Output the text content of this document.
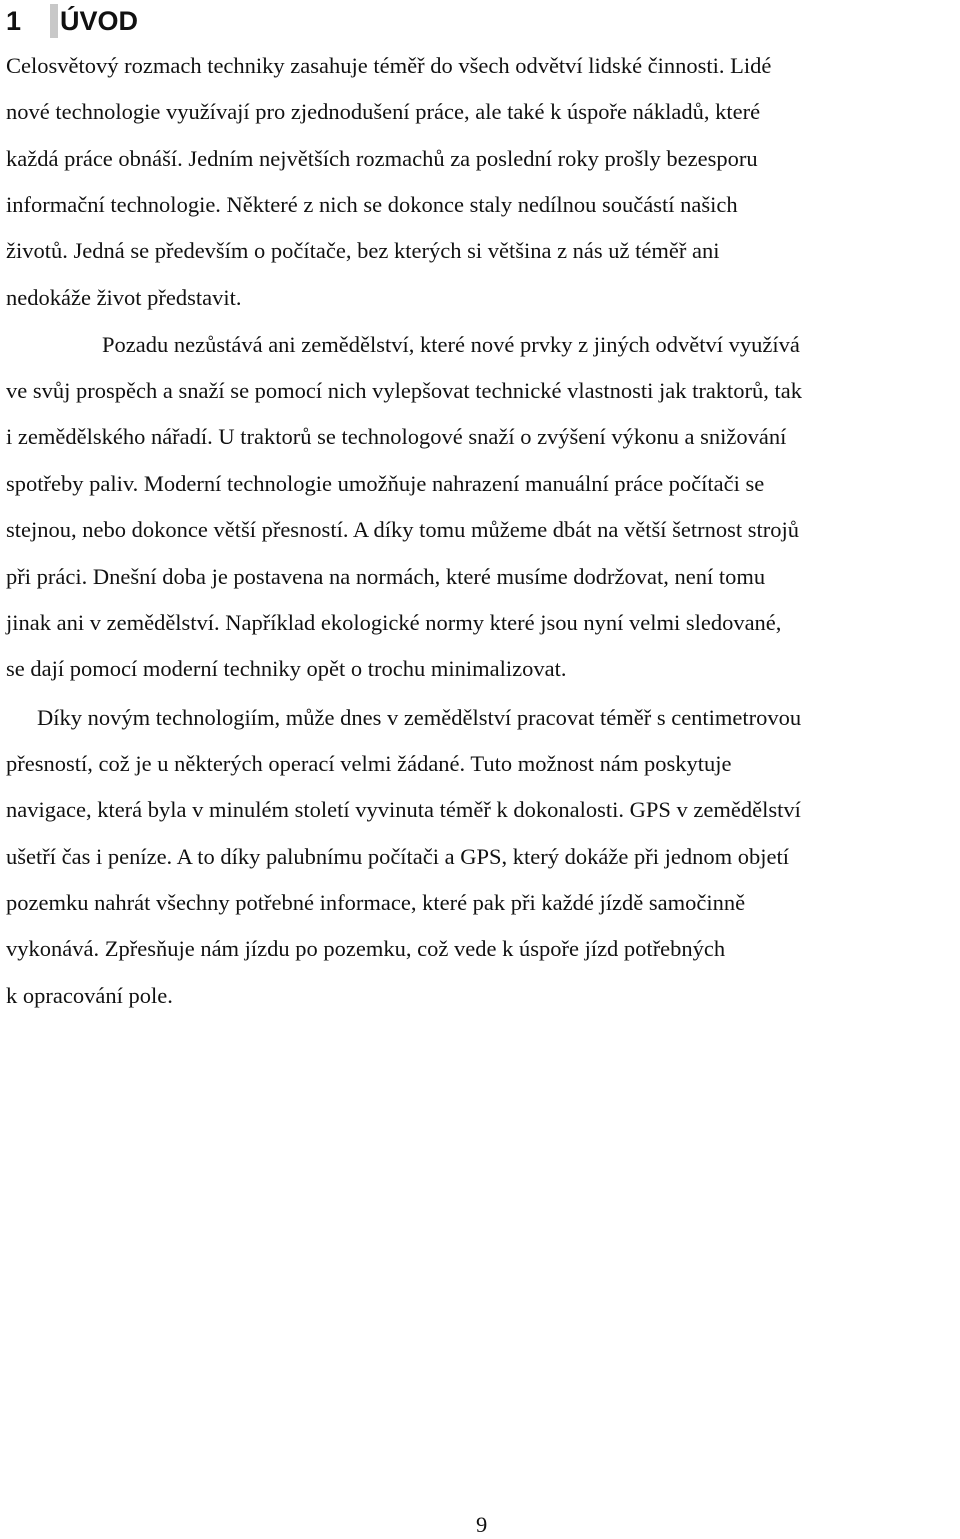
1	ÚVOD
Celosvětový rozmach techniky zasahuje téměř do všech odvětví lidské činnosti. Lidé
nové technologie využívají pro zjednodušení práce, ale také k úspoře nákladů, které
každá práce obnáší. Jedním největších rozmachů za poslední roky prošly bezesporu
informační technologie. Některé z nich se dokonce staly nedílnou součástí našich
životů. Jedná se především o počítače, bez kterých si většina z nás už téměř ani
nedokáže život představit.
Pozadu nezůstává ani zemědělství, které nové prvky z jiných odvětví využívá
ve svůj prospěch a snaží se pomocí nich vylepšovat technické vlastnosti jak traktorů, tak
i zemědělského nářadí. U traktorů se technologové snaží o zvýšení výkonu a snižování
spotřeby paliv. Moderní technologie umožňuje nahrazení manuální práce počítači se
stejnou, nebo dokonce větší přesností. A díky tomu můžeme dbát na větší šetrnost strojů
při práci. Dnešní doba je postavena na normách, které musíme dodržovat, není tomu
jinak ani v zemědělství. Například ekologické normy které jsou nyní velmi sledované,
se dají pomocí moderní techniky opět o trochu minimalizovat.
Díky novým technologiím, může dnes v zemědělství pracovat téměř s centimetrovou
přesností, což je u některých operací velmi žádané. Tuto možnost nám poskytuje
navigace, která byla v minulém století vyvinuta téměř k dokonalosti. GPS v zemědělství
ušetří čas i peníze. A to díky palubnímu počítači a GPS, který dokáže při jednom objetí
pozemku nahrát všechny potřebné informace, které pak při každé jízdě samočinně
vykonává. Zpřesňuje nám jízdu po pozemku, což vede k úspoře jízd potřebných
k opracování pole.
9
